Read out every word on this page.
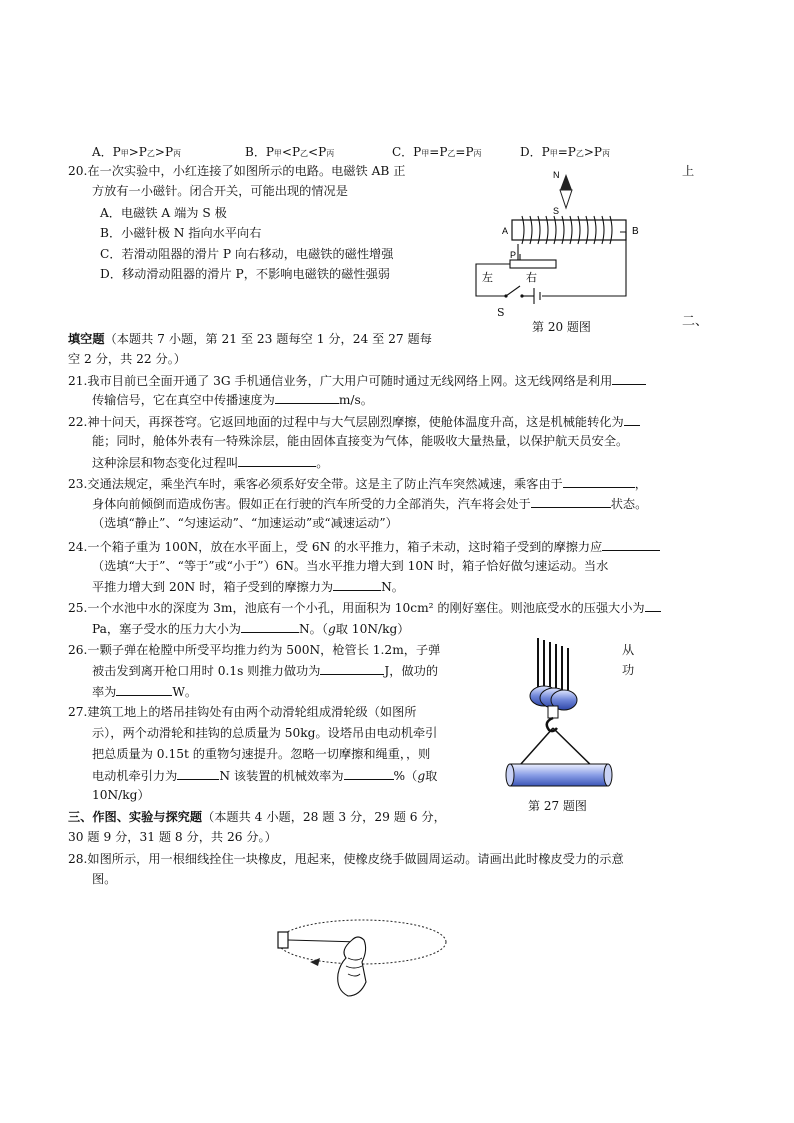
A．P甲>P乙>P丙	B．P甲<P乙<P丙	C．P甲=P乙=P丙	D．P甲=P乙>P丙
20.在一次实验中，小红连接了如图所示的电路。电磁铁 AB 正	上
方放有一小磁针。闭合开关，可能出现的情况是
A．电磁铁 A 端为 S 极
B．小磁针极 N 指向水平向右
C．若滑动阻器的滑片 P 向右移动，电磁铁的磁性增强
D．移动滑动阻器的滑片 P，不影响电磁铁的磁性强弱
N
S
A	B
P
左	右
S
第 20 题图	二、
填空题（本题共 7 小题，第 21 至 23 题每空 1 分，24 至 27 题每
空 2 分，共 22 分。）
21.我市目前已全面开通了 3G 手机通信业务，广大用户可随时通过无线网络上网。这无线网络是利用
传输信号，它在真空中传播速度为	m/s。
22.神十问天，再探苍穹。它返回地面的过程中与大气层剧烈摩擦，使舱体温度升高，这是机械能转化为
能；同时，舱体外表有一特殊涂层，能由固体直接变为气体，能吸收大量热量，以保护航天员安全。
这种涂层和物态变化过程叫	。
23.交通法规定，乘坐汽车时，乘客必须系好安全带。这是主了防止汽车突然减速，乘客由于	，
身体向前倾倒而造成伤害。假如正在行驶的汽车所受的力全部消失，汽车将会处于	状态。
（选填“静止”、“匀速运动”、“加速运动”或“减速运动”）
24.一个箱子重为 100N，放在水平面上，受 6N 的水平推力，箱子未动，这时箱子受到的摩擦力应
（选填“大于”、“等于”或“小于”）6N。当水平推力增大到 10N 时，箱子恰好做匀速运动。当水
平推力增大到 20N 时，箱子受到的摩擦力为	N。
25.一个水池中水的深度为 3m，池底有一个小孔，用面积为 10cm² 的刚好塞住。则池底受水的压强大小为
Pa，塞子受水的压力大小为	N。（g取 10N/kg）
26.一颗子弹在枪膛中所受平均推力约为 500N，枪管长 1.2m，子弹	从
被击发到离开枪口用时 0.1s 则推力做功为	J，做功的	功
率为	W。
27.建筑工地上的塔吊挂钩处有由两个动滑轮组成滑轮级（如图所
示），两个动滑轮和挂钩的总质量为 50kg。设塔吊由电动机牵引
把总质量为 0.15t 的重物匀速提升。忽略一切摩擦和绳重，，则
电动机牵引力为	N 该装置的机械效率为	%（g取
10N/kg）
第 27 题图
三、作图、实验与探究题（本题共 4 小题，28 题 3 分，29 题 6 分，
30 题 9 分，31 题 8 分，共 26 分。）
28.如图所示，用一根细线拴住一块橡皮，甩起来，使橡皮绕手做圆周运动。请画出此时橡皮受力的示意
图。
